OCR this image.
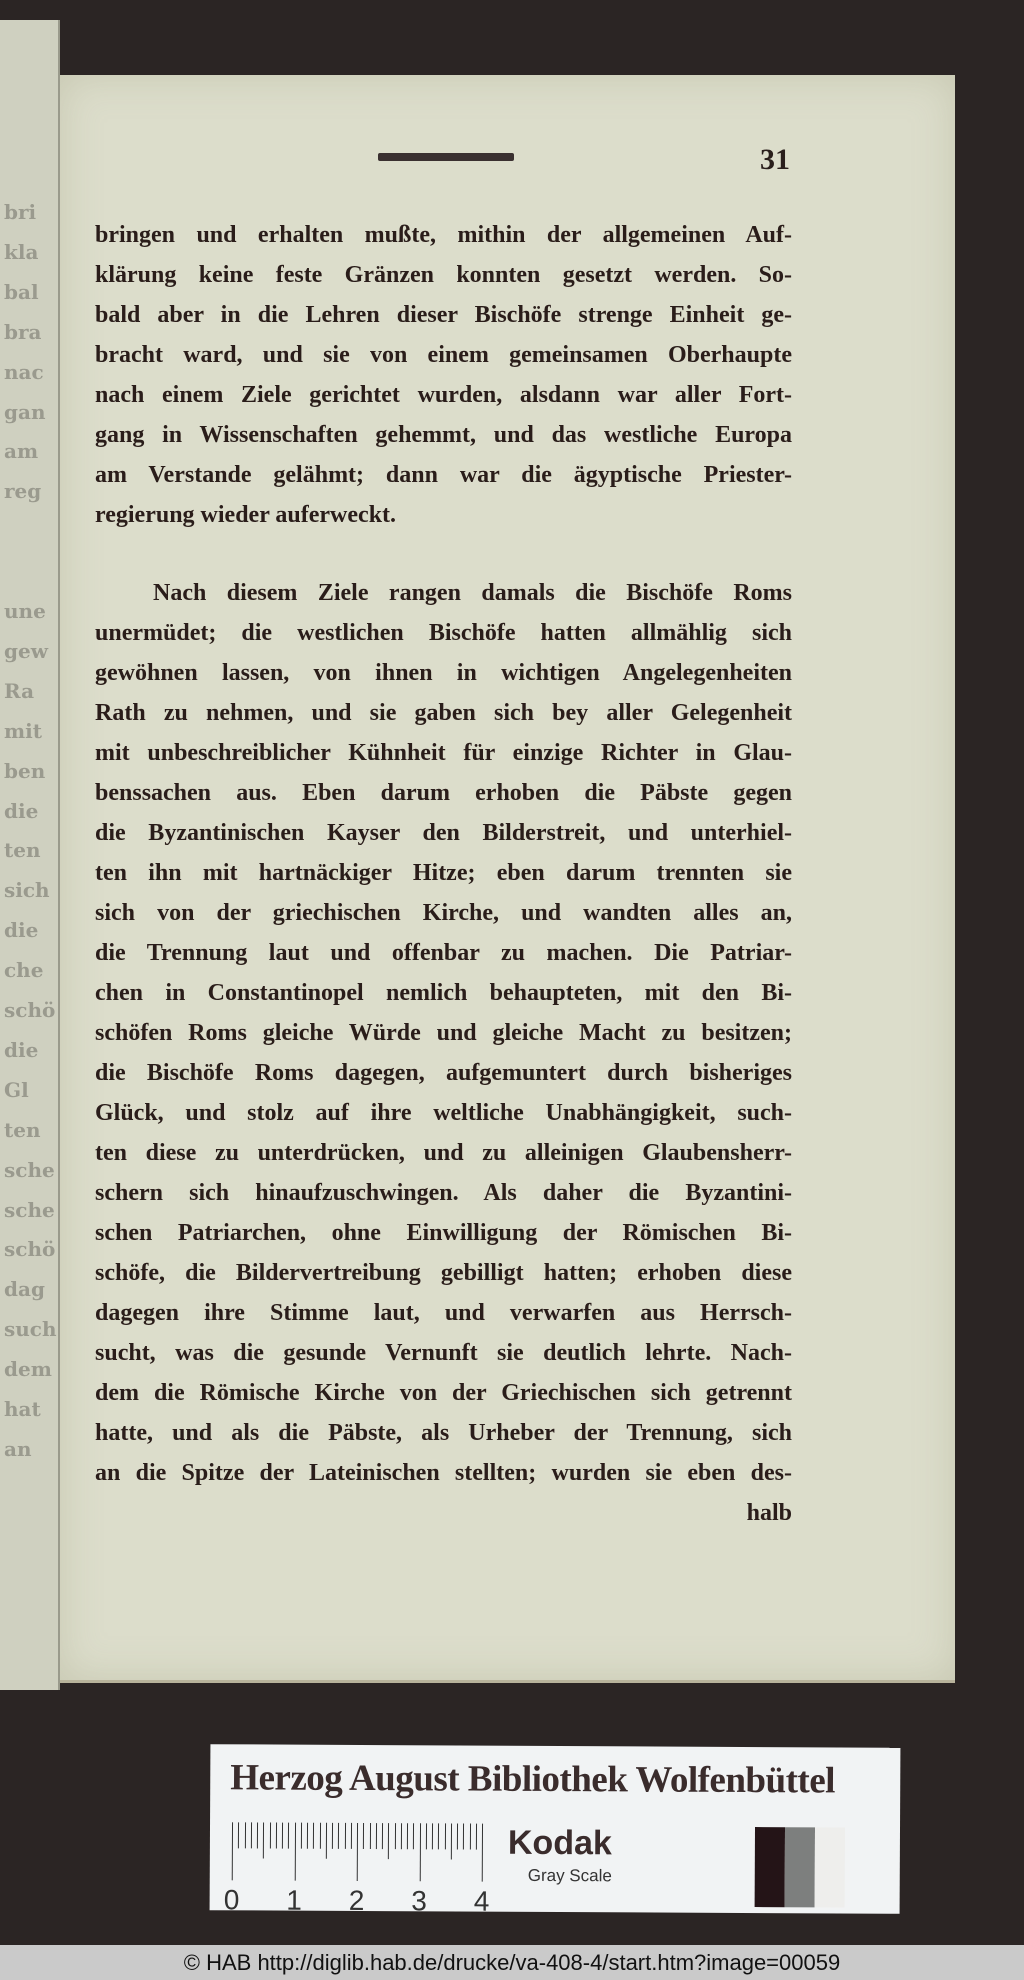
bri
kla
bal
bra
nac
gan
am
reg
une
gew
Ra
mit
ben
die
ten
sich
die
che
schö
die
Gl
ten
sche
sche
schö
dag
such
dem
hat
an
31
bringen und erhalten mußte, mithin der allgemeinen Auf-
klärung keine feste Gränzen konnten gesetzt werden. So-
bald aber in die Lehren dieser Bischöfe strenge Einheit ge-
bracht ward, und sie von einem gemeinsamen Oberhaupte
nach einem Ziele gerichtet wurden, alsdann war aller Fort-
gang in Wissenschaften gehemmt, und das westliche Europa
am Verstande gelähmt; dann war die ägyptische Priester-
regierung wieder auferweckt.
Nach diesem Ziele rangen damals die Bischöfe Roms
unermüdet; die westlichen Bischöfe hatten allmählig sich
gewöhnen lassen, von ihnen in wichtigen Angelegenheiten
Rath zu nehmen, und sie gaben sich bey aller Gelegenheit
mit unbeschreiblicher Kühnheit für einzige Richter in Glau-
benssachen aus. Eben darum erhoben die Päbste gegen
die Byzantinischen Kayser den Bilderstreit, und unterhiel-
ten ihn mit hartnäckiger Hitze; eben darum trennten sie
sich von der griechischen Kirche, und wandten alles an,
die Trennung laut und offenbar zu machen. Die Patriar-
chen in Constantinopel nemlich behaupteten, mit den Bi-
schöfen Roms gleiche Würde und gleiche Macht zu besitzen;
die Bischöfe Roms dagegen, aufgemuntert durch bisheriges
Glück, und stolz auf ihre weltliche Unabhängigkeit, such-
ten diese zu unterdrücken, und zu alleinigen Glaubensherr-
schern sich hinaufzuschwingen. Als daher die Byzantini-
schen Patriarchen, ohne Einwilligung der Römischen Bi-
schöfe, die Bildervertreibung gebilligt hatten; erhoben diese
dagegen ihre Stimme laut, und verwarfen aus Herrsch-
sucht, was die gesunde Vernunft sie deutlich lehrte. Nach-
dem die Römische Kirche von der Griechischen sich getrennt
hatte, und als die Päbste, als Urheber der Trennung, sich
an die Spitze der Lateinischen stellten; wurden sie eben des-
halb
Herzog August Bibliothek Wolfenbüttel
0 1 2 3 4
Kodak
Gray Scale
© HAB http://diglib.hab.de/drucke/va-408-4/start.htm?image=00059
